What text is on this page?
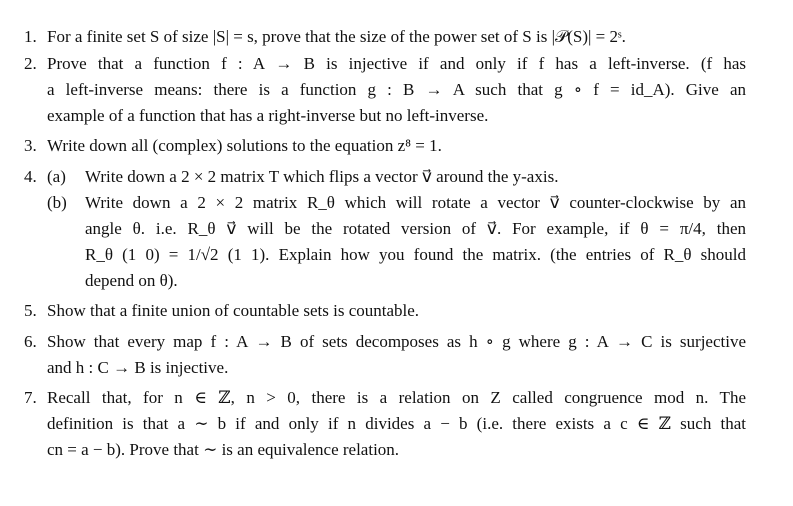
1. For a finite set S of size |S| = s, prove that the size of the power set of S is |𝒫(S)| = 2ˢ.
2. Prove that a function f : A → B is injective if and only if f has a left-inverse. (f has
a left-inverse means: there is a function g : B → A such that g ∘ f = id_A). Give an
example of a function that has a right-inverse but no left-inverse.
3. Write down all (complex) solutions to the equation z⁸ = 1.
4. (a) Write down a 2 × 2 matrix T which flips a vector v⃗ around the y-axis.
(b) Write down a 2 × 2 matrix R_θ which will rotate a vector v⃗ counter-clockwise by an
angle θ. i.e. R_θ v⃗ will be the rotated version of v⃗. For example, if θ = π/4, then
R_θ (1 0) = 1/√2 (1 1). Explain how you found the matrix. (the entries of R_θ should
depend on θ).
5. Show that a finite union of countable sets is countable.
6. Show that every map f : A → B of sets decomposes as h ∘ g where g : A → C is surjective
and h : C → B is injective.
7. Recall that, for n ∈ ℤ, n > 0, there is a relation on Z called congruence mod n. The
definition is that a ∼ b if and only if n divides a − b (i.e. there exists a c ∈ ℤ such that
cn = a − b). Prove that ∼ is an equivalence relation.
